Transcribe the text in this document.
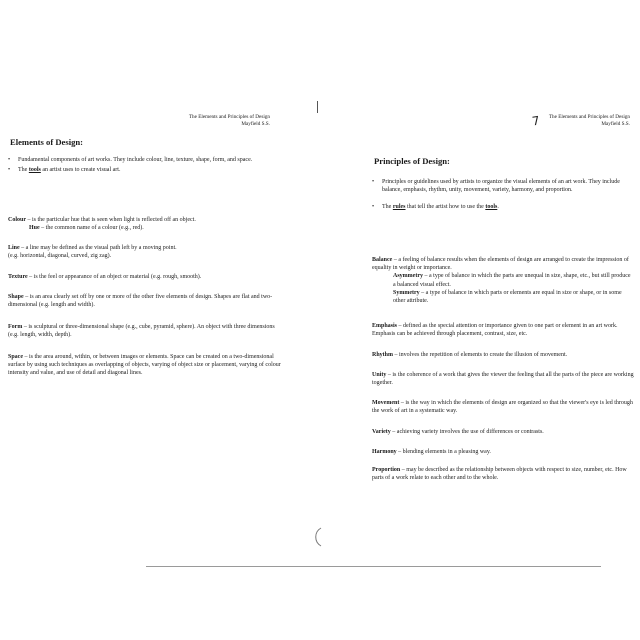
The Elements and Principles of Design
Mayfield S.S.
Elements of Design:
• Fundamental components of art works. They include colour, line, texture, shape, form, and space.
• The tools an artist uses to create visual art.
Colour – is the particular hue that is seen when light is reflected off an object.
Hue – the common name of a colour (e.g., red).
Line – a line may be defined as the visual path left by a moving point.
(e.g. horizontal, diagonal, curved, zig zag).
Texture – is the feel or appearance of an object or material (e.g. rough, smooth).
Shape – is an area clearly set off by one or more of the other five elements of design. Shapes are flat and two-dimensional (e.g. length and width).
Form – is sculptural or three-dimensional shape (e.g., cube, pyramid, sphere). An object with three dimensions (e.g. length, width, depth).
Space – is the area around, within, or between images or elements. Space can be created on a two-dimensional surface by using such techniques as overlapping of objects, varying of object size or placement, varying of colour intensity and value, and use of detail and diagonal lines.
The Elements and Principles of Design
Mayfield S.S.
Principles of Design:
• Principles or guidelines used by artists to organize the visual elements of an art work. They include balance, emphasis, rhythm, unity, movement, variety, harmony, and proportion.
• The rules that tell the artist how to use the tools.
Balance – a feeling of balance results when the elements of design are arranged to create the impression of equality in weight or importance.
Asymmetry – a type of balance in which the parts are unequal in size, shape, etc., but still produce a balanced visual effect.
Symmetry – a type of balance in which parts or elements are equal in size or shape, or in some other attribute.
Emphasis – defined as the special attention or importance given to one part or element in an art work. Emphasis can be achieved through placement, contrast, size, etc.
Rhythm – involves the repetition of elements to create the illusion of movement.
Unity – is the coherence of a work that gives the viewer the feeling that all the parts of the piece are working together.
Movement – is the way in which the elements of design are organized so that the viewer's eye is led through the work of art in a systematic way.
Variety – achieving variety involves the use of differences or contrasts.
Harmony – blending elements in a pleasing way.
Proportion – may be described as the relationship between objects with respect to size, number, etc. How parts of a work relate to each other and to the whole.
7
